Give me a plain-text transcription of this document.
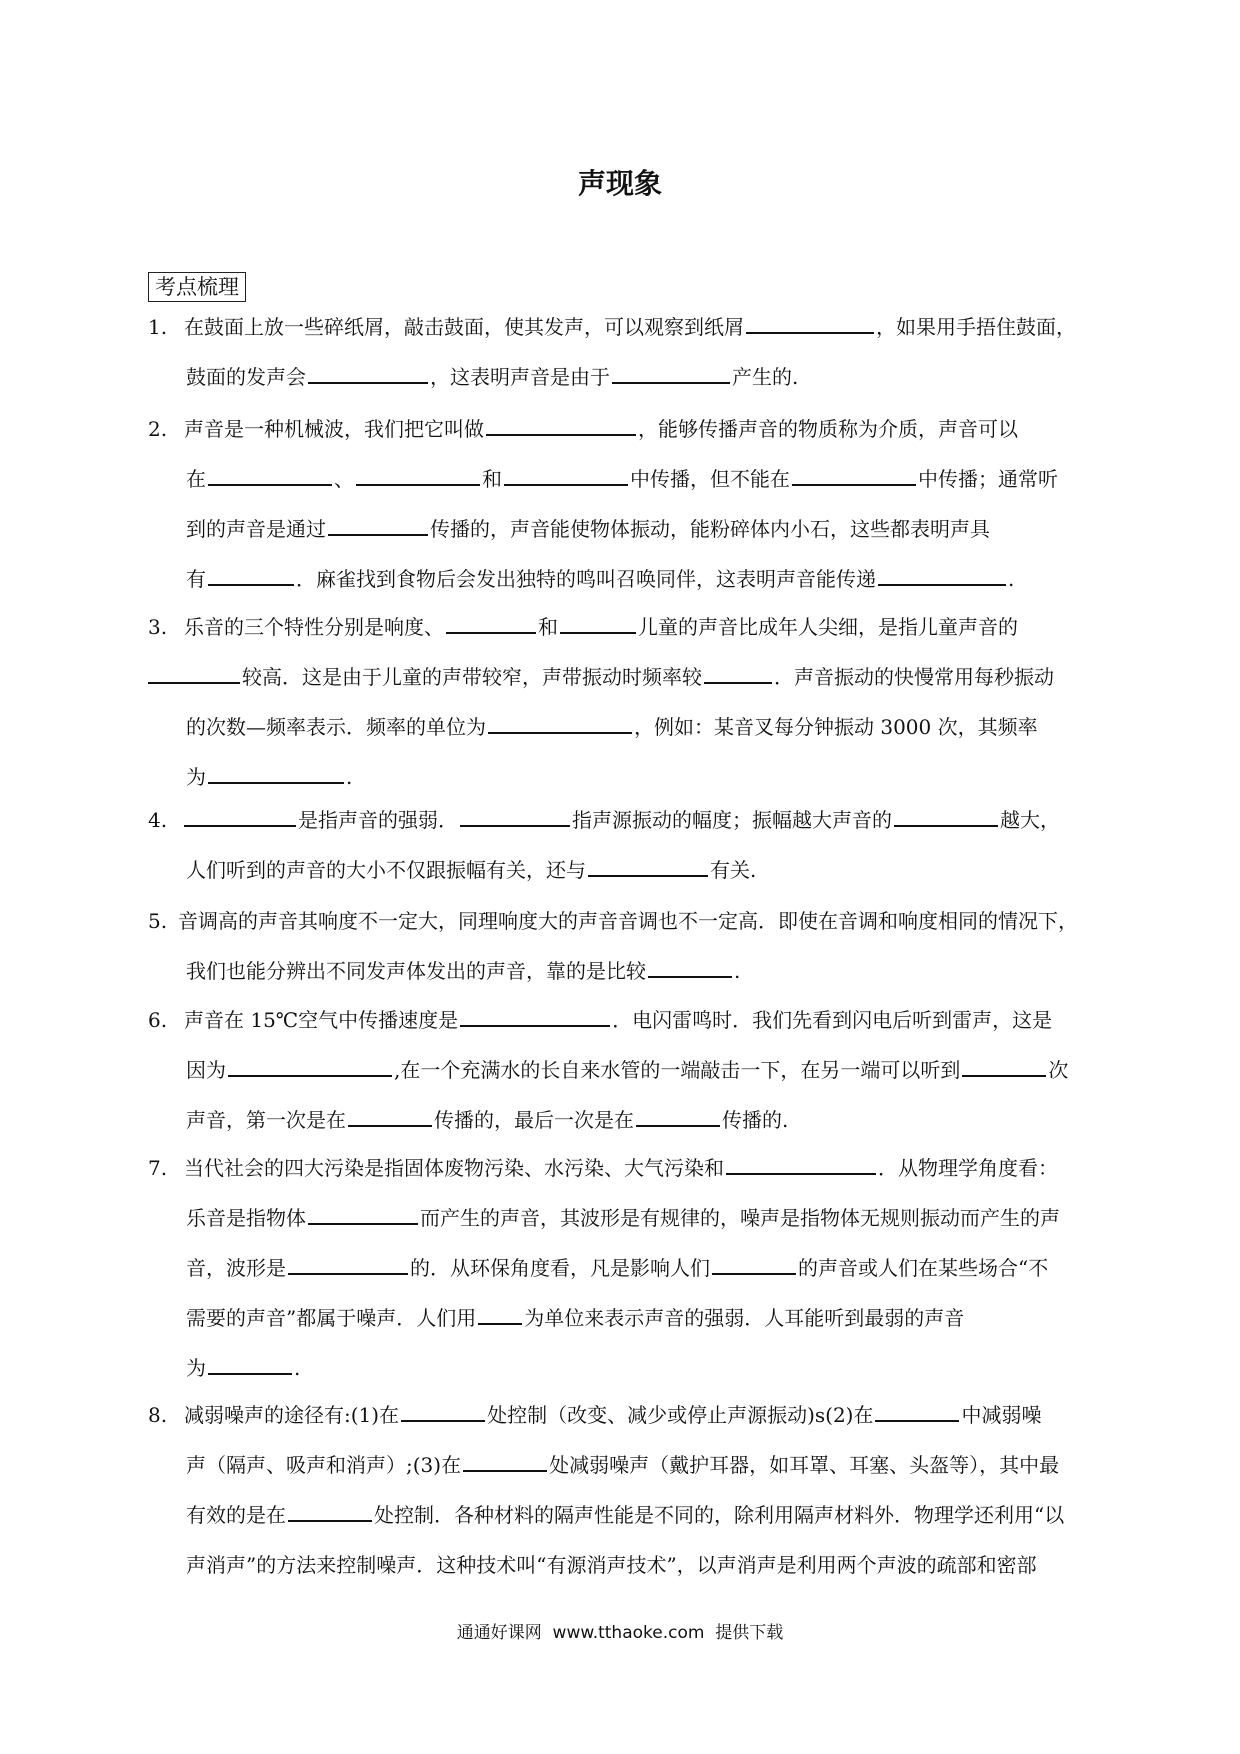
声现象
考点梳理
1. 在鼓面上放一些碎纸屑，敲击鼓面，使其发声，可以观察到纸屑	，如果用手捂住鼓面，
鼓面的发声会	，这表明声音是由于	产生的.
2. 声音是一种机械波，我们把它叫做	，能够传播声音的物质称为介质，声音可以
在	、	和	中传播，但不能在	中传播；通常听
到的声音是通过	传播的，声音能使物体振动，能粉碎体内小石，这些都表明声具
有	．麻雀找到食物后会发出独特的鸣叫召唤同伴，这表明声音能传递	.
3. 乐音的三个特性分别是响度、	和	儿童的声音比成年人尖细，是指儿童声音的
较高．这是由于儿童的声带较窄，声带振动时频率较	．声音振动的快慢常用每秒振动
的次数—频率表示．频率的单位为	，例如：某音叉每分钟振动 3000 次，其频率
为	.
4.	是指声音的强弱．	指声源振动的幅度；振幅越大声音的	越大，
人们听到的声音的大小不仅跟振幅有关，还与	有关.
5. 音调高的声音其响度不一定大，同理响度大的声音音调也不一定高．即使在音调和响度相同的情况下，
我们也能分辨出不同发声体发出的声音，靠的是比较	.
6. 声音在 15℃空气中传播速度是	．电闪雷鸣时．我们先看到闪电后听到雷声，这是
因为	,在一个充满水的长自来水管的一端敲击一下，在另一端可以听到	次
声音，第一次是在	传播的，最后一次是在	传播的.
7. 当代社会的四大污染是指固体废物污染、水污染、大气污染和	．从物理学角度看：
乐音是指物体	而产生的声音，其波形是有规律的，噪声是指物体无规则振动而产生的声
音，波形是	的．从环保角度看，凡是影响人们	的声音或人们在某些场合“不
需要的声音”都属于噪声．人们用 为单位来表示声音的强弱．人耳能听到最弱的声音
为	.
8. 减弱噪声的途径有:(1)在	处控制（改变、减少或停止声源振动)s(2)在	中减弱噪
声（隔声、吸声和消声）;(3)在	处减弱噪声（戴护耳器，如耳罩、耳塞、头盔等），其中最
有效的是在	处控制．各种材料的隔声性能是不同的，除利用隔声材料外．物理学还利用“以
声消声”的方法来控制噪声．这种技术叫“有源消声技术”，以声消声是利用两个声波的疏部和密部
通通好课网  www.tthaoke.com  提供下载
